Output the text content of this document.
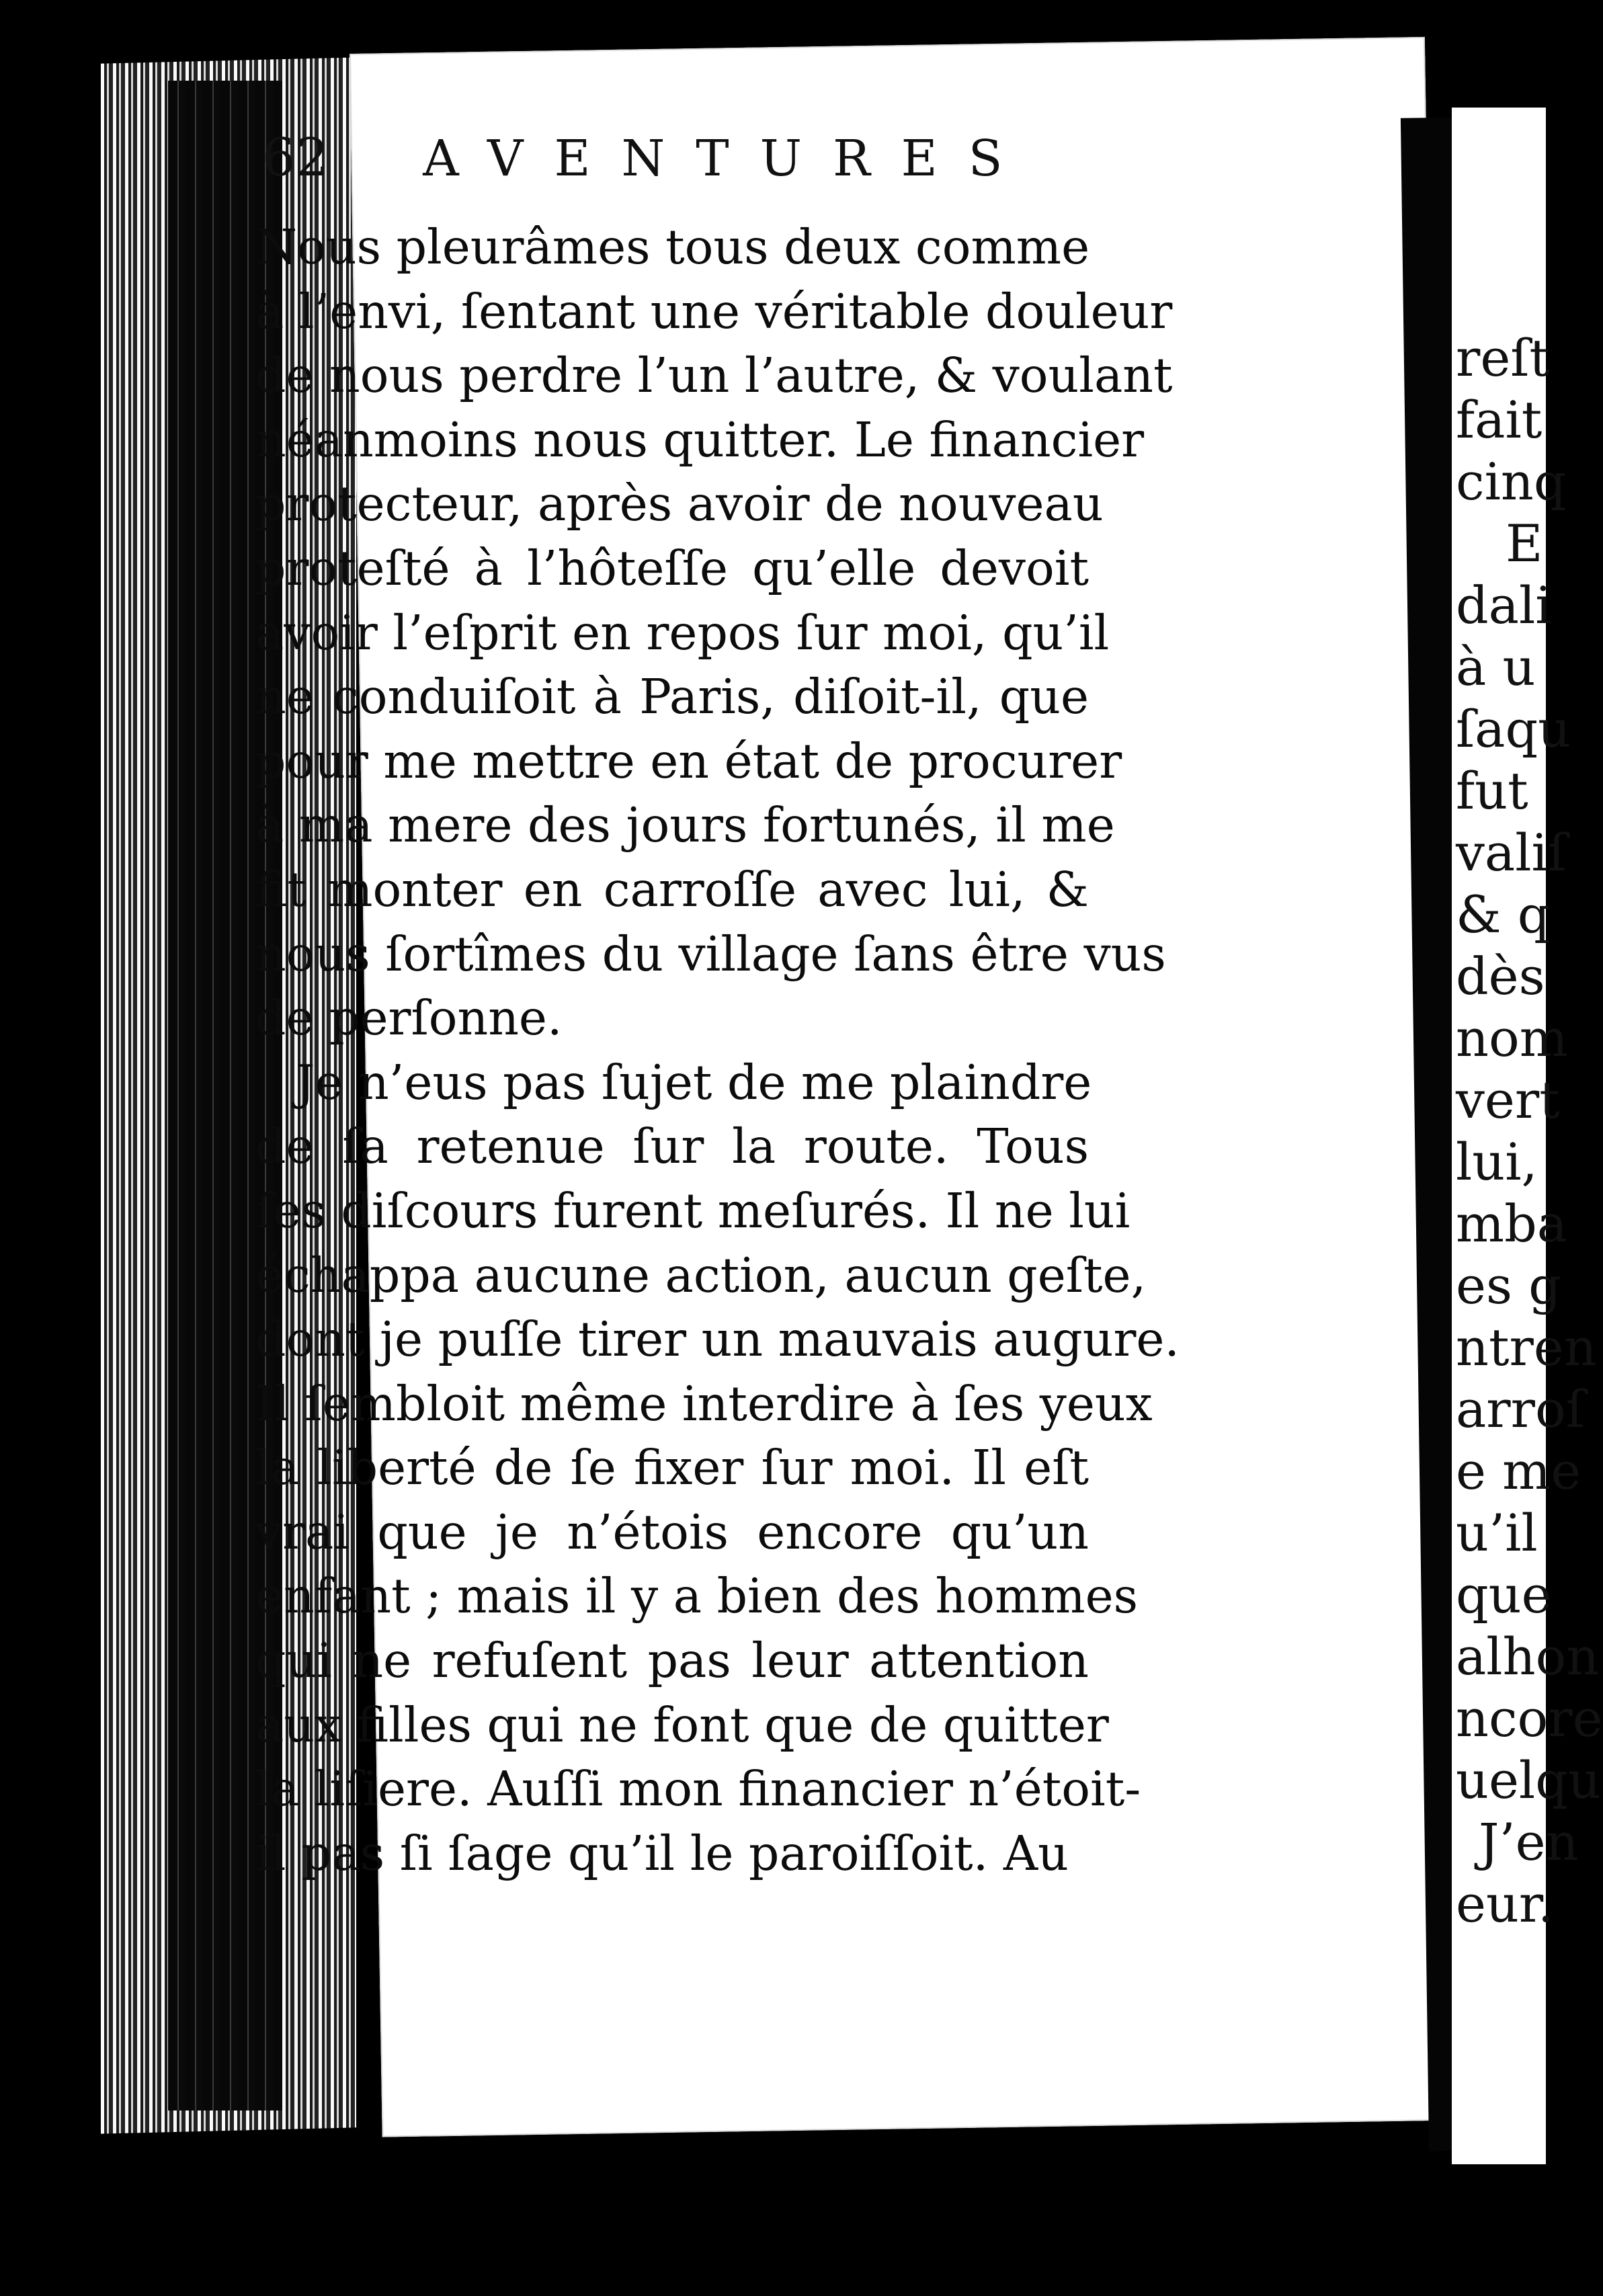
62 AVENTURES
Nous pleurâmes tous deux comme
à l’envi, ſentant une véritable douleur
de nous perdre l’un l’autre, & voulant
néanmoins nous quitter. Le financier
protecteur, après avoir de nouveau
proteſté à l’hôteſſe qu’elle devoit
avoir l’eſprit en repos ſur moi, qu’il
ne conduiſoit à Paris, diſoit-il, que
pour me mettre en état de procurer
à ma mere des jours fortunés, il me
fit monter en carroſſe avec lui, &
nous ſortîmes du village ſans être vus
de perſonne.
Je n’eus pas ſujet de me plaindre
de ſa retenue ſur la route. Tous
ſes diſcours furent meſurés. Il ne lui
échappa aucune action, aucun geſte,
dont je puſſe tirer un mauvais augure.
Il ſembloit même interdire à ſes yeux
la liberté de ſe fixer ſur moi. Il eſt
vrai que je n’étois encore qu’un
enfant ; mais il y a bien des hommes
qui ne refuſent pas leur attention
aux filles qui ne font que de quitter
la liſiere. Auſſi mon financier n’étoit-
il pas ſi ſage qu’il le paroiſſoit. Au
reſt
fait
cinq
E
dali
à u
ſaqu
fut
valiſ
& q
dès
nom
vert
lui,
mba
es g
ntren
arroſ
e me
u’il
que
alhon
ncore
uelqu
J’en
eur.
